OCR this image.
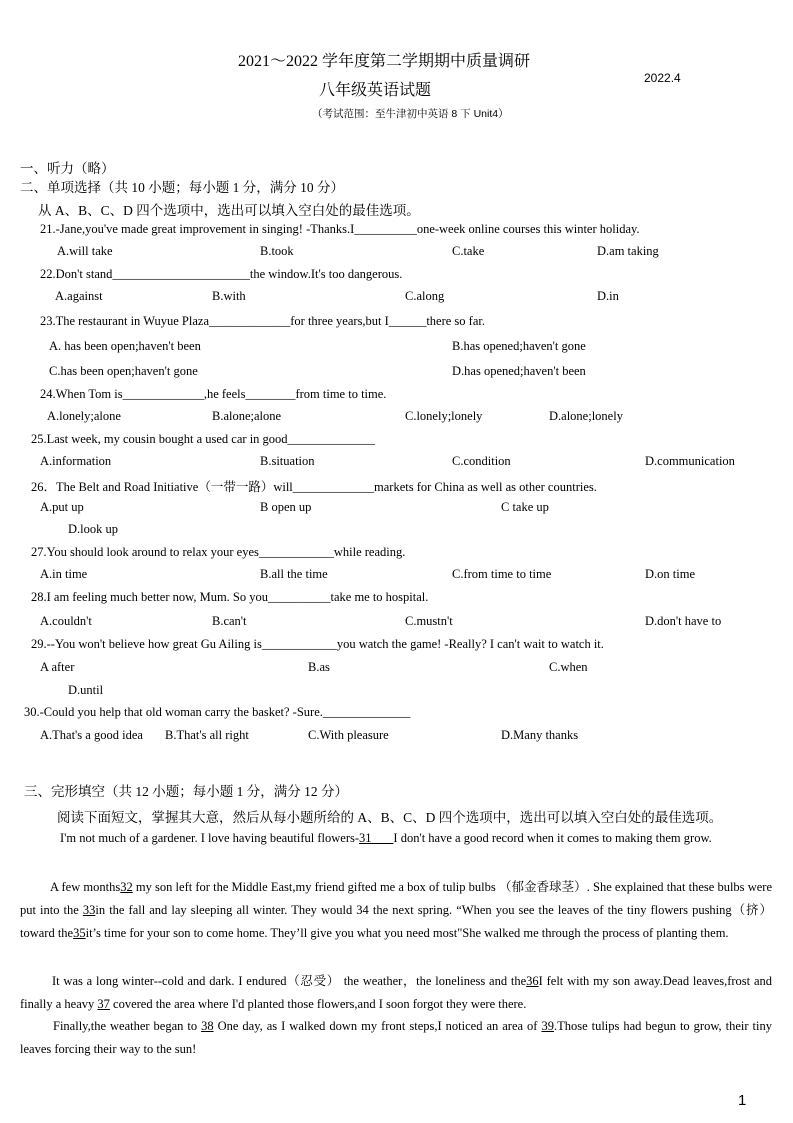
2021～2022 学年度第二学期期中质量调研
八年级英语试题
2022.4
（考试范围：至牛津初中英语 8 下 Unit4）
一、听力（略）
二、单项选择（共 10 小题；每小题 1 分，满分 10 分）
从 A、B、C、D 四个选项中，选出可以填入空白处的最佳选项。
21.-Jane,you've made great improvement in singing! -Thanks.I__________one-week online courses this winter holiday.
A.will take	B.took	C.take	D.am taking
22.Don't stand______________________the window.It's too dangerous.
A.against	B.with	C.along	D.in
23.The restaurant in Wuyue Plaza_____________for three years,but I______there so far.
A. has been open;haven't been	B.has opened;haven't gone
C.has been open;haven't gone	D.has opened;haven't been
24.When Tom is_____________,he feels________from time to time.
A.lonely;alone	B.alone;alone	C.lonely;lonely	D.alone;lonely
25.Last week, my cousin bought a used car in good______________
A.information	B.situation	C.condition	D.communication
26．The Belt and Road Initiative（一带一路）will_____________markets for China as well as other countries.
A.put up	B open up	C take up
D.look up
27.You should look around to relax your eyes____________while reading.
A.in time	B.all the time	C.from time to time	D.on time
28.I am feeling much better now, Mum. So you__________take me to hospital.
A.couldn't	B.can't	C.mustn't	D.don't have to
29.--You won't believe how great Gu Ailing is____________you watch the game! -Really? I can't wait to watch it.
A after	B.as	C.when
D.until
30.-Could you help that old woman carry the basket? -Sure.______________
A.That's a good idea B.That's all right	C.With pleasure	D.Many thanks
三、完形填空（共 12 小题；每小题 1 分，满分 12 分）
阅读下面短文，掌握其大意，然后从每小题所给的 A、B、C、D 四个选项中，选出可以填入空白处的最佳选项。
I'm not much of a gardener. I love having beautiful flowers-31 I don't have a good record when it comes to making them grow.
A few months32 my son left for the Middle East,my friend gifted me a box of tulip bulbs （郁金香球茎）. She explained that these bulbs were put into the 33in the fall and lay sleeping all winter. They would 34 the next spring. “When you see the leaves of the tiny flowers pushing（挤）toward the35it’s time for your son to come home. They’ll give you what you need most"She walked me through the process of planting them.
It was a long winter--cold and dark. I endured（忍受） the weather，the loneliness and the36I felt with my son away.Dead leaves,frost and finally a heavy 37 covered the area where I'd planted those flowers,and I soon forgot they were there.
Finally,the weather began to 38 One day, as I walked down my front steps,I noticed an area of 39.Those tulips had begun to grow, their tiny leaves forcing their way to the sun!
1
